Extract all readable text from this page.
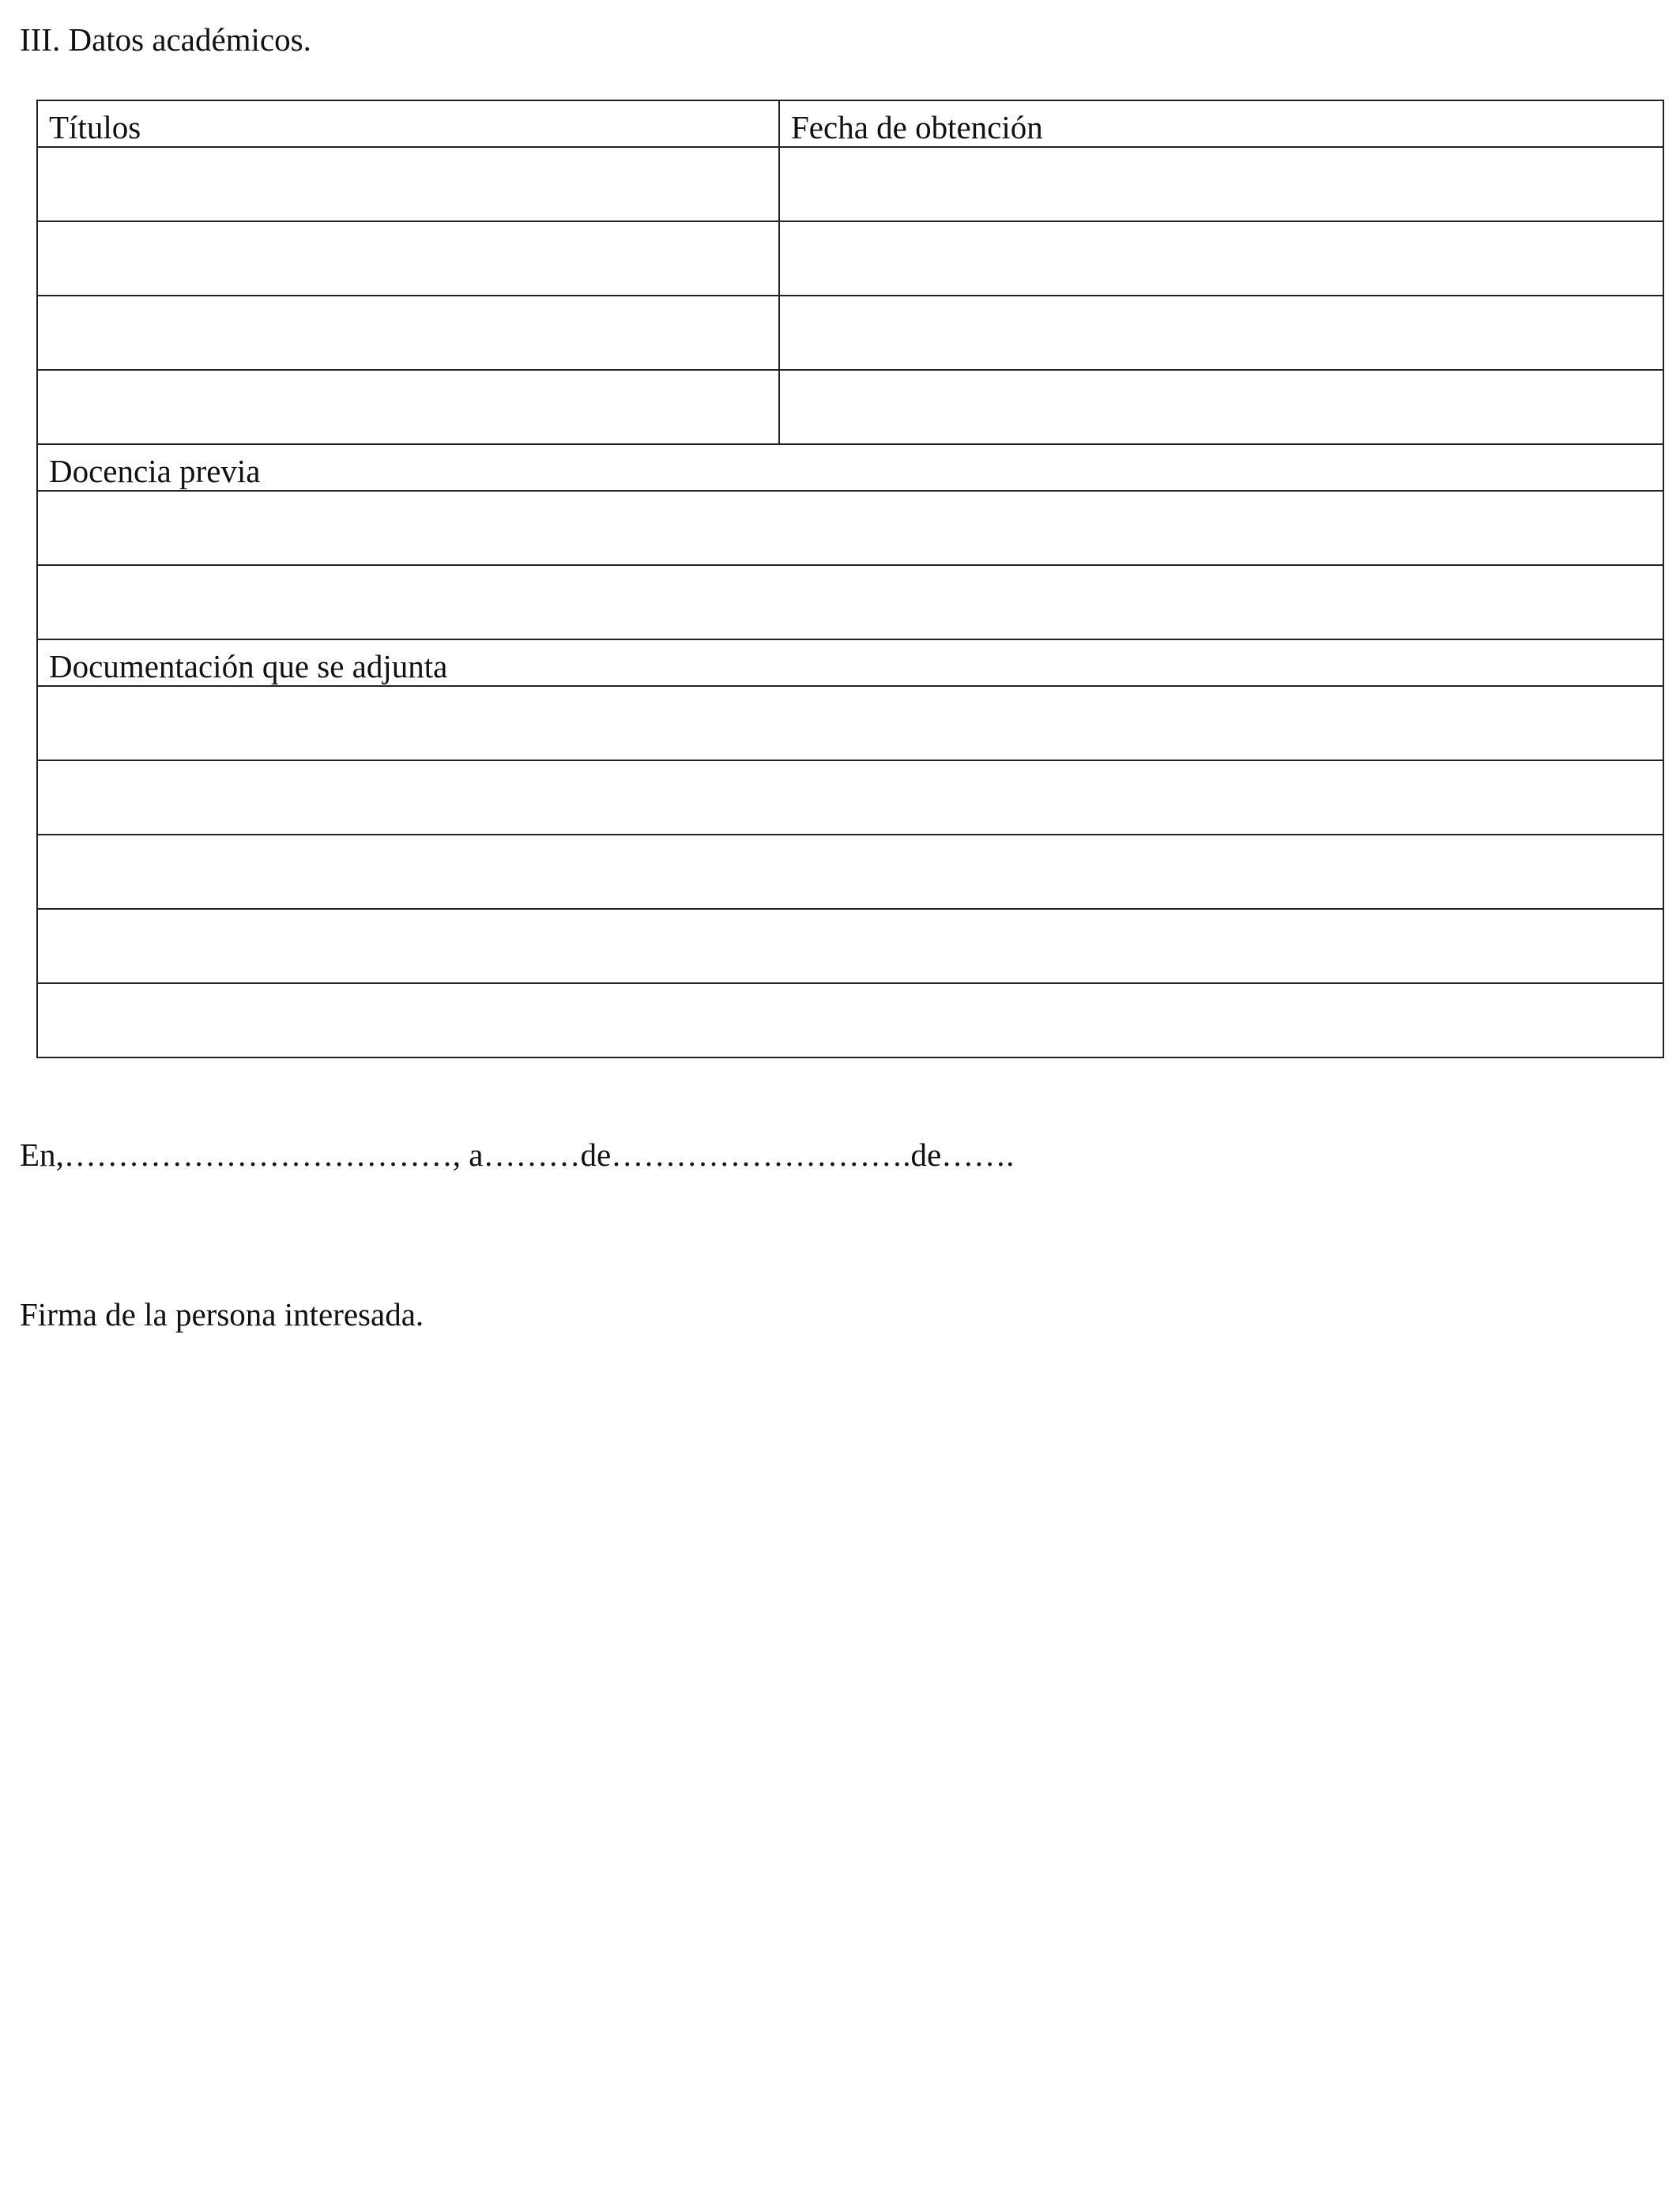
III. Datos académicos.
Títulos	Fecha de obtención

Docencia previa	

Documentación que se adjunta	

En,………………………………, a………de……………………….de…….
Firma de la persona interesada.
